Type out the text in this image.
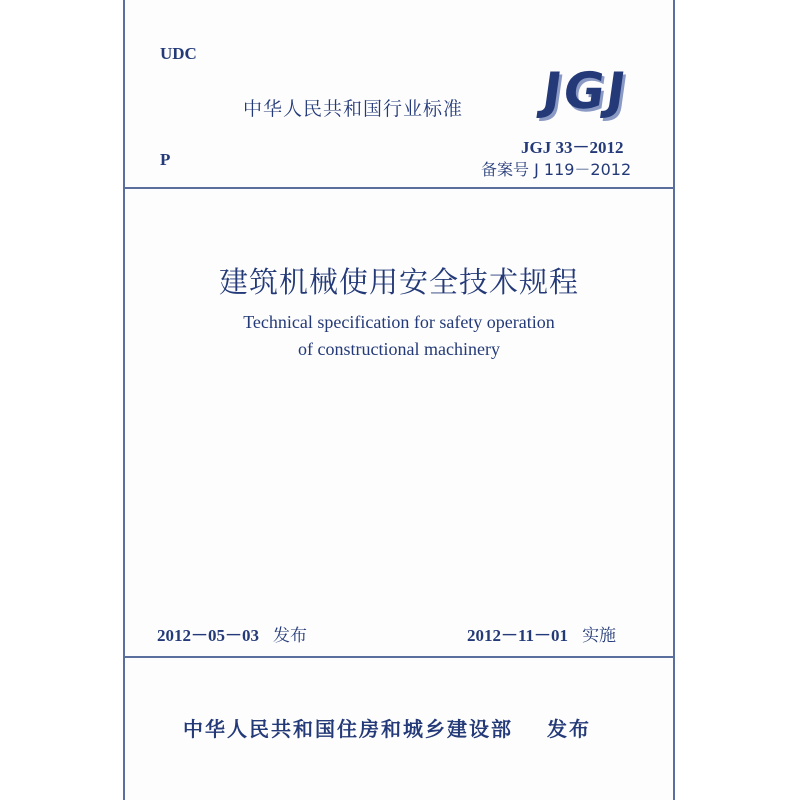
UDC
中华人民共和国行业标准 JGJ
JGJ 33－2012
P
备案号 J 119－2012
建筑机械使用安全技术规程
Technical specification for safety operation
of constructional machinery
2012－05－03 发布	2012－11－01 实施
中华人民共和国住房和城乡建设部 发布
